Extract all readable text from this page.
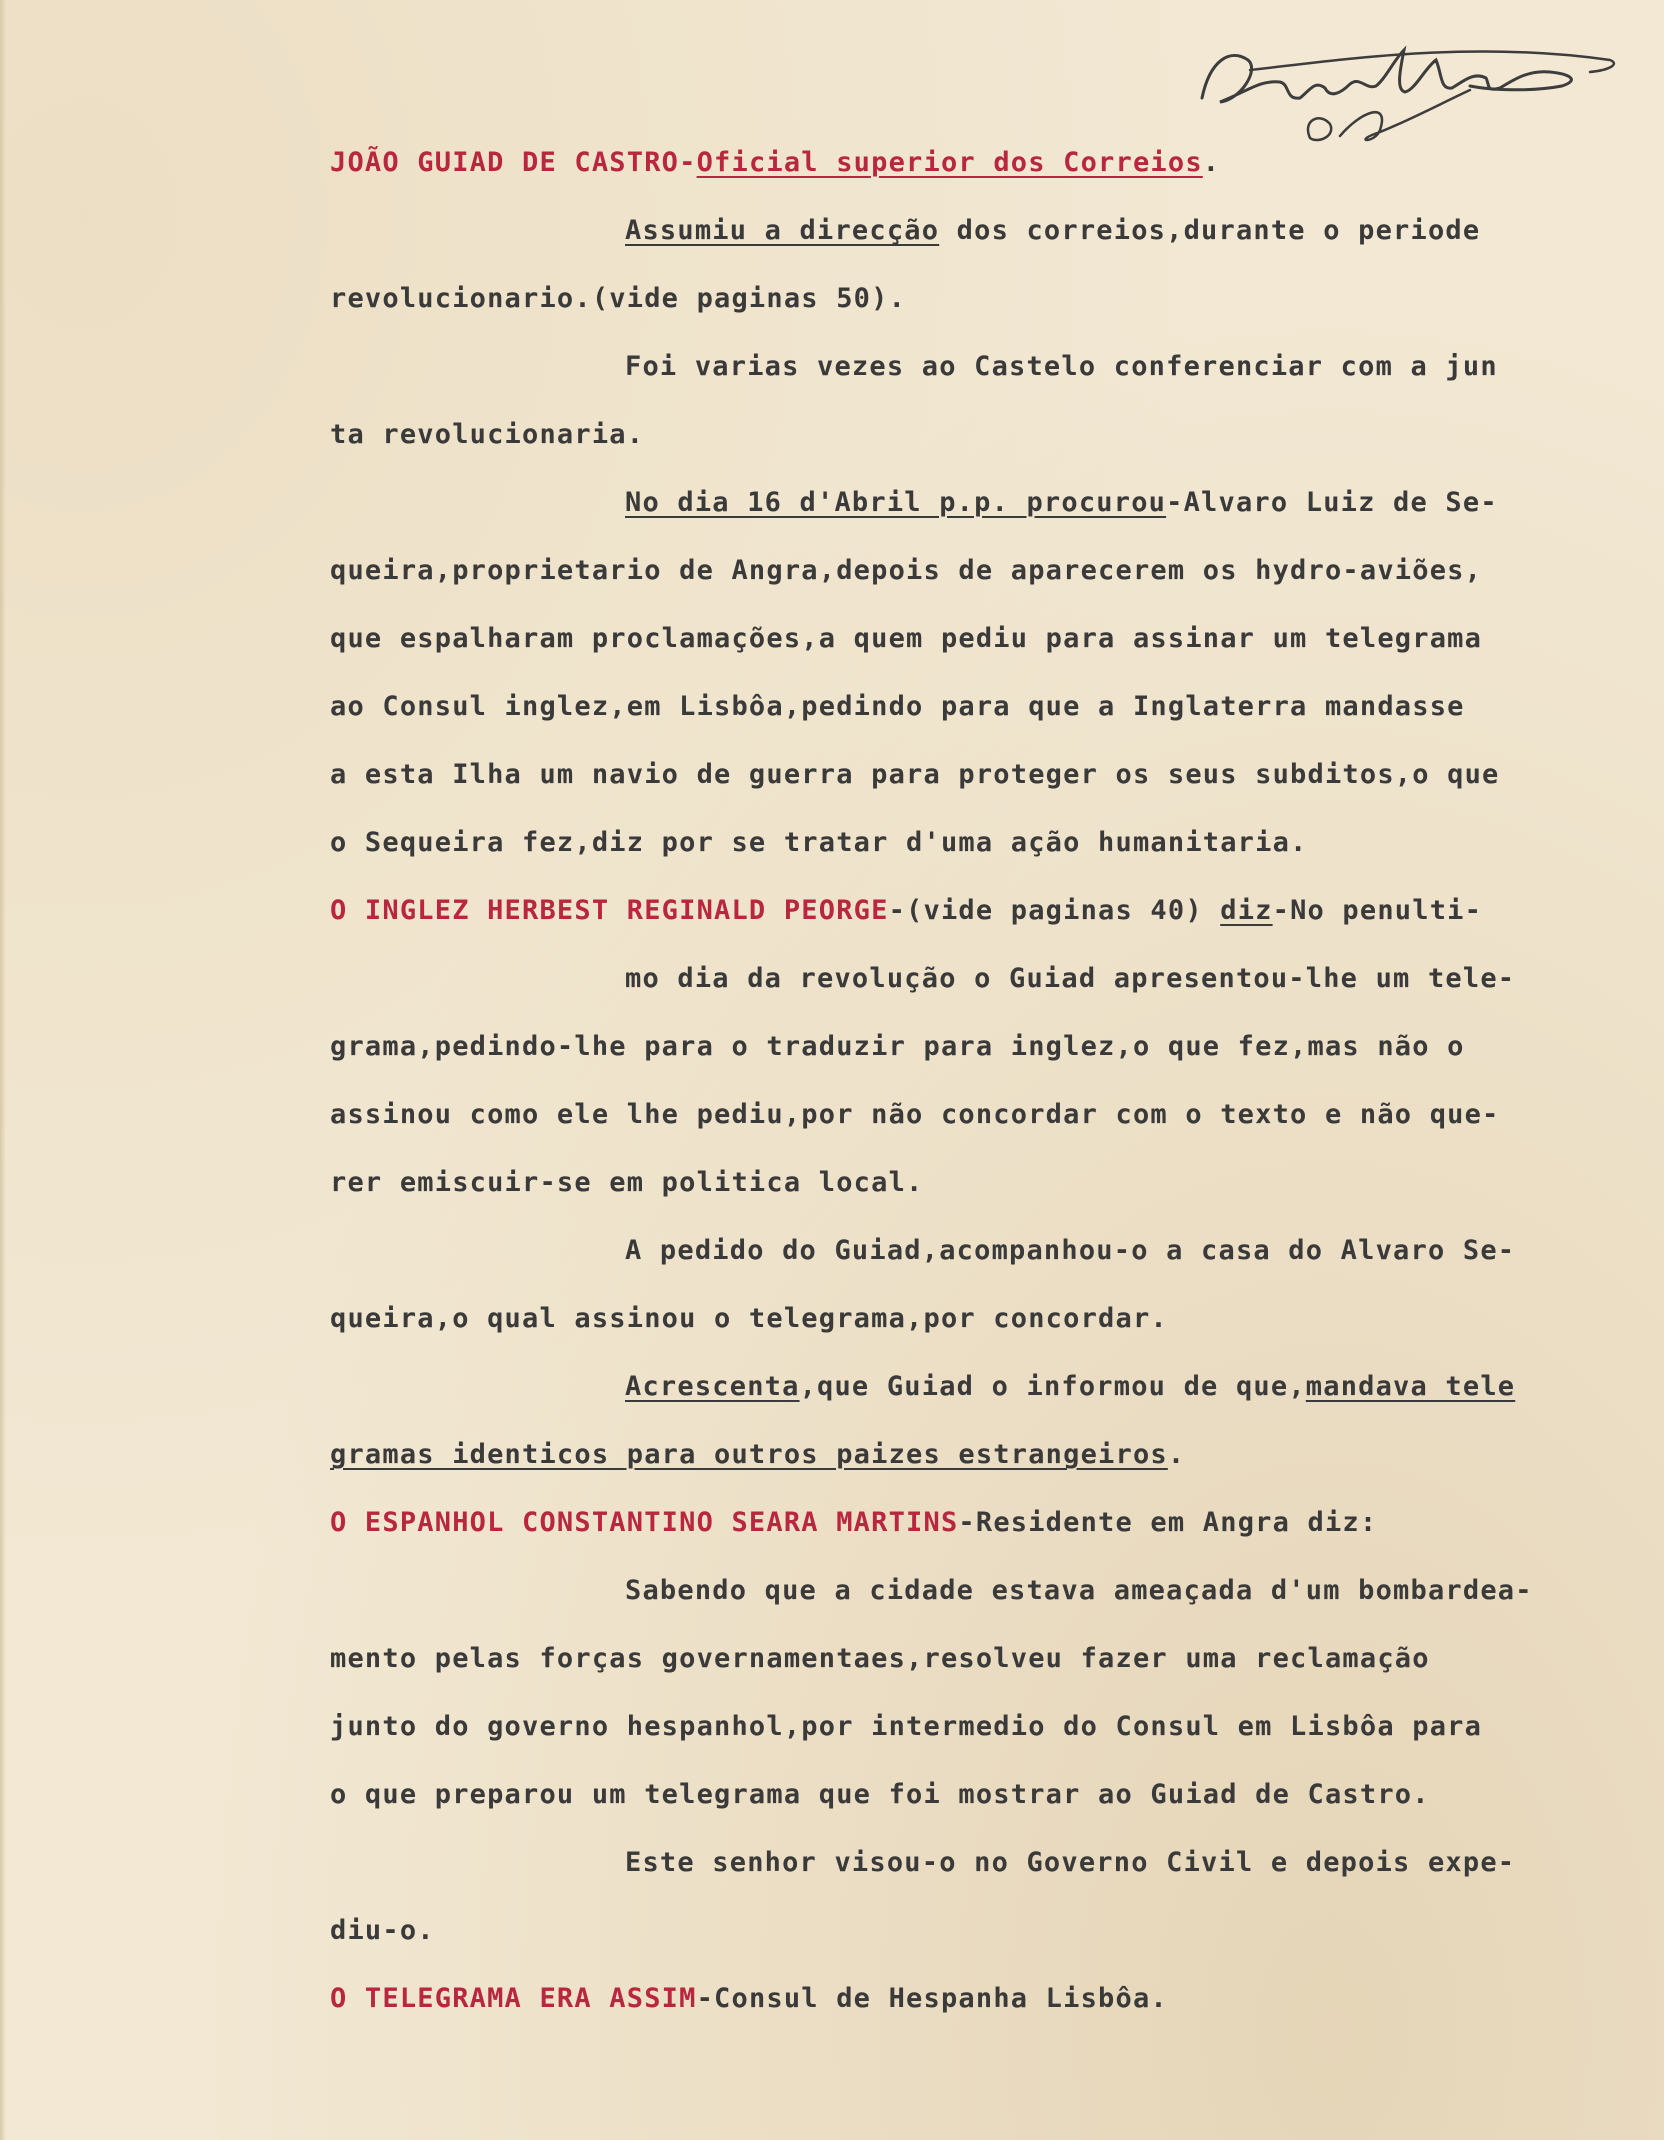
JOÃO GUIAD DE CASTRO-Oficial superior dos Correios.
Assumiu a direcção dos correios,durante o periode
revolucionario.(vide paginas 50).
Foi varias vezes ao Castelo conferenciar com a jun
ta revolucionaria.
No dia 16 d'Abril p.p. procurou-Alvaro Luiz de Se-
queira,proprietario de Angra,depois de aparecerem os hydro-aviões,
que espalharam proclamações,a quem pediu para assinar um telegrama
ao Consul inglez,em Lisbôa,pedindo para que a Inglaterra mandasse
a esta Ilha um navio de guerra para proteger os seus subditos,o que
o Sequeira fez,diz por se tratar d'uma ação humanitaria.
O INGLEZ HERBEST REGINALD PEORGE-(vide paginas 40) diz-No penulti-
mo dia da revolução o Guiad apresentou-lhe um tele-
grama,pedindo-lhe para o traduzir para inglez,o que fez,mas não o
assinou como ele lhe pediu,por não concordar com o texto e não que-
rer emiscuir-se em politica local.
A pedido do Guiad,acompanhou-o a casa do Alvaro Se-
queira,o qual assinou o telegrama,por concordar.
Acrescenta,que Guiad o informou de que,mandava tele
gramas identicos para outros paizes estrangeiros.
O ESPANHOL CONSTANTINO SEARA MARTINS-Residente em Angra diz:
Sabendo que a cidade estava ameaçada d'um bombardea-
mento pelas forças governamentaes,resolveu fazer uma reclamação
junto do governo hespanhol,por intermedio do Consul em Lisbôa para
o que preparou um telegrama que foi mostrar ao Guiad de Castro.
Este senhor visou-o no Governo Civil e depois expe-
diu-o.
O TELEGRAMA ERA ASSIM-Consul de Hespanha Lisbôa.
